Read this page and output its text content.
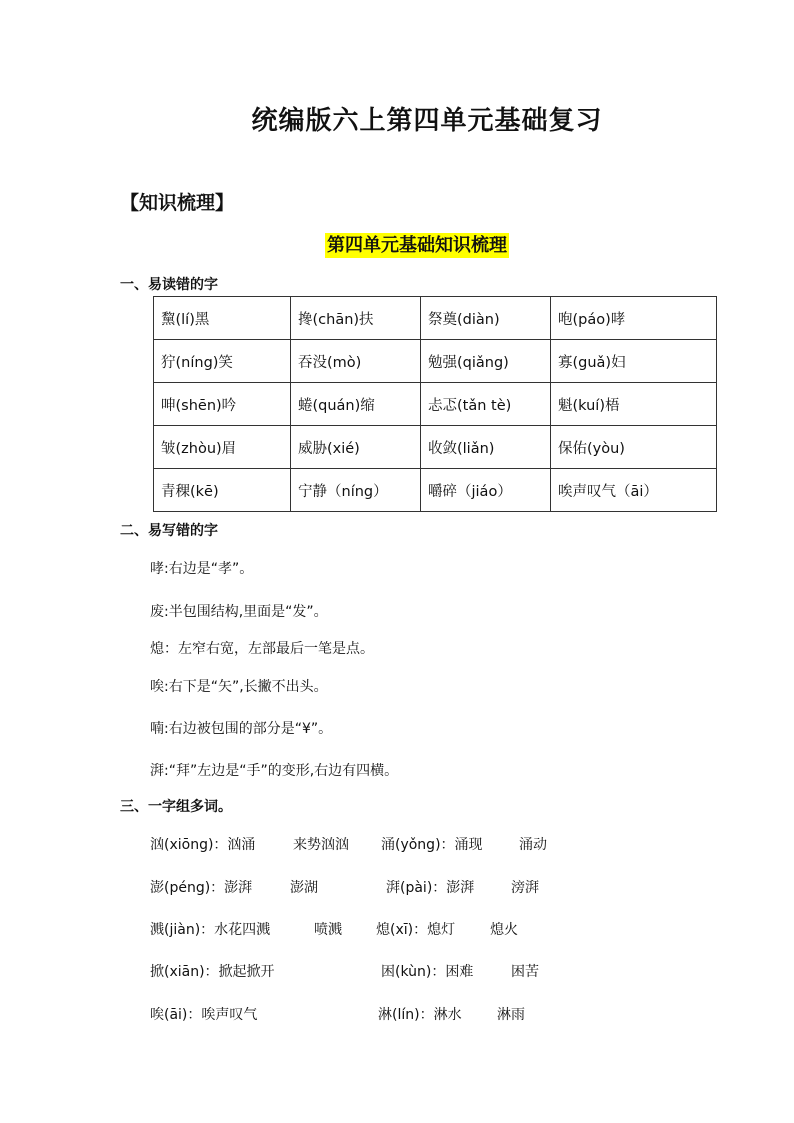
统编版六上第四单元基础复习
【知识梳理】
第四单元基础知识梳理
一、易读错的字
黧(lí)黑	搀(chān)扶	祭奠(diàn)	咆(páo)哮
狞(níng)笑	吞没(mò)	勉强(qiǎng)	寡(guǎ)妇
呻(shēn)吟	蜷(quán)缩	忐忑(tǎn tè)	魁(kuí)梧
皱(zhòu)眉	威胁(xié)	收敛(liǎn)	保佑(yòu)
青稞(kē)	宁静（níng）	嚼碎（jiáo）	唉声叹气（āi）
二、易写错的字
哮:右边是“孝”。
废:半包围结构,里面是“发”。
熄：左窄右宽，左部最后一笔是点。
唉:右下是“矢”,长撇不出头。
喃:右边被包围的部分是“¥”。
湃:“拜”左边是“手”的变形,右边有四横。
三、一字组多词。
汹(xiōng)：汹涌	来势汹汹 涌(yǒng)：涌现	涌动
澎(péng)：澎湃	澎湖	湃(pài)：澎湃	滂湃
溅(jiàn)：水花四溅	喷溅 熄(xī)：熄灯 熄火
掀(xiān)：掀起掀开	困(kùn)：困难	困苦
唉(āi)：唉声叹气	淋(lín)：淋水	淋雨
